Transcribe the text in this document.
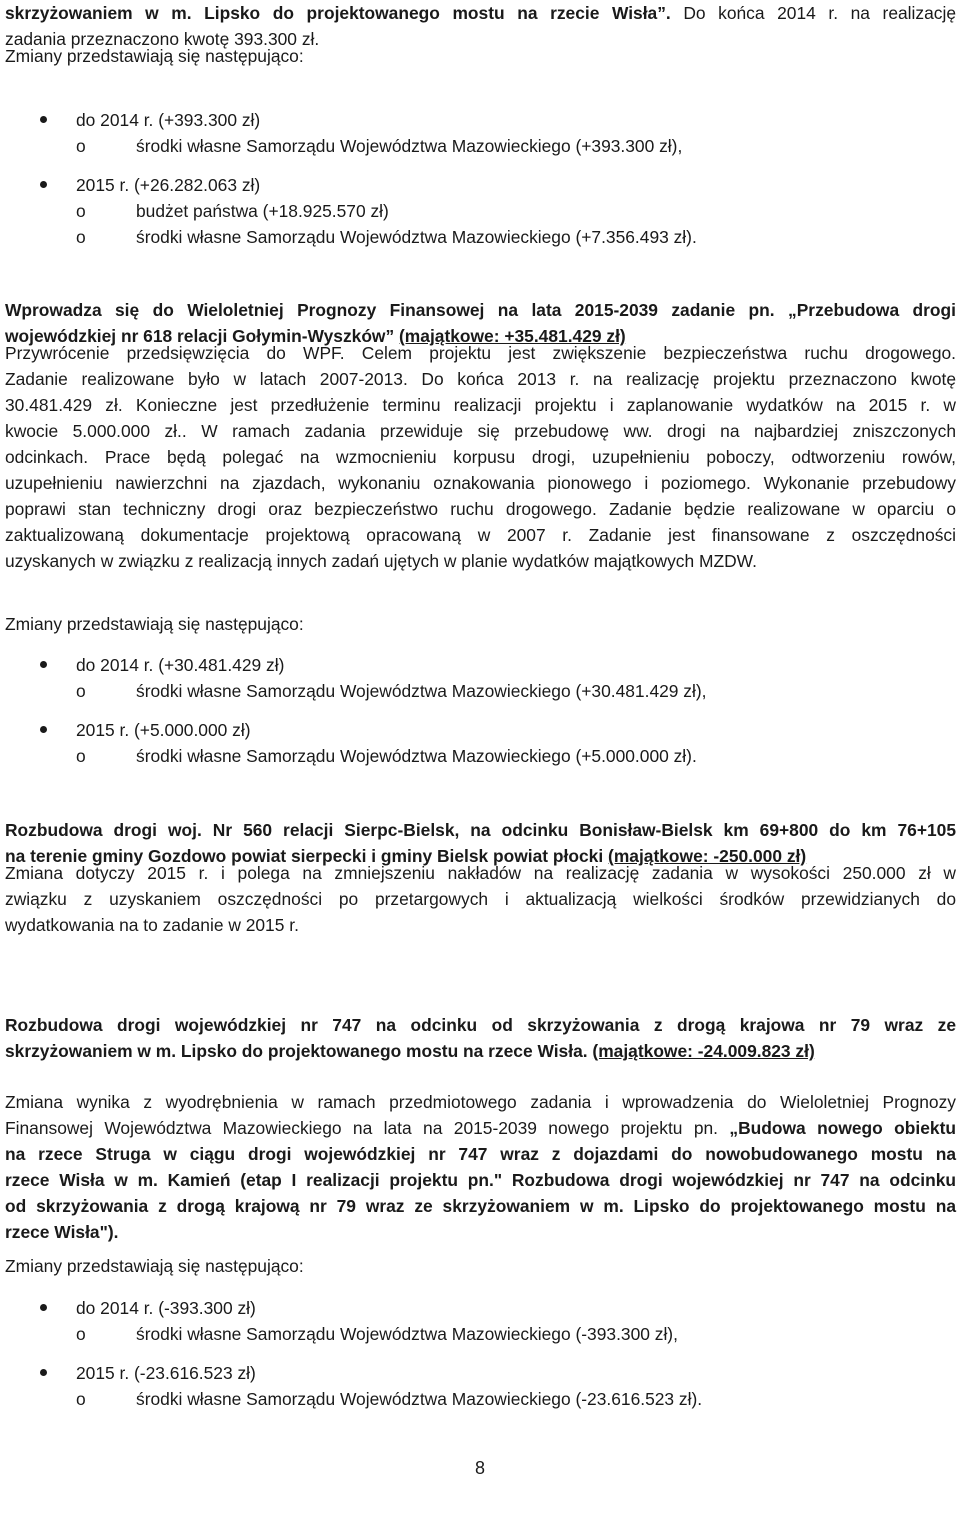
skrzyżowaniem w m. Lipsko do projektowanego mostu na rzecie Wisła”. Do końca 2014 r. na realizację

zadania przeznaczono kwotę 393.300 zł.

Zmiany przedstawiają się następująco:
do 2014 r. (+393.300 zł)
o	środki własne Samorządu Województwa Mazowieckiego (+393.300 zł),
2015 r. (+26.282.063 zł)
o	budżet państwa (+18.925.570 zł)
o	środki własne Samorządu Województwa Mazowieckiego (+7.356.493 zł).

Wprowadza się do Wieloletniej Prognozy Finansowej na lata 2015-2039 zadanie pn. „Przebudowa drogi

wojewódzkiej nr 618 relacji Gołymin-Wyszków” (majątkowe: +35.481.429 zł)

Przywrócenie przedsięwzięcia do WPF. Celem projektu jest zwiększenie bezpieczeństwa ruchu drogowego.

Zadanie realizowane było w latach 2007-2013. Do końca 2013 r. na realizację projektu przeznaczono kwotę

30.481.429 zł. Konieczne jest przedłużenie terminu realizacji projektu i zaplanowanie wydatków na 2015 r. w

kwocie 5.000.000 zł.. W ramach zadania przewiduje się przebudowę ww. drogi na najbardziej zniszczonych

odcinkach. Prace będą polegać na wzmocnieniu korpusu drogi, uzupełnieniu poboczy, odtworzeniu rowów,

uzupełnieniu nawierzchni na zjazdach, wykonaniu oznakowania pionowego i poziomego. Wykonanie przebudowy

poprawi stan techniczny drogi oraz bezpieczeństwo ruchu drogowego. Zadanie będzie realizowane w oparciu o

zaktualizowaną dokumentacje projektową opracowaną w 2007 r. Zadanie jest finansowane z oszczędności

uzyskanych w związku z realizacją innych zadań ujętych w planie wydatków majątkowych MZDW.

Zmiany przedstawiają się następująco:
do 2014 r. (+30.481.429 zł)
o	środki własne Samorządu Województwa Mazowieckiego (+30.481.429 zł),
2015 r. (+5.000.000 zł)
o	środki własne Samorządu Województwa Mazowieckiego (+5.000.000 zł).

Rozbudowa drogi woj. Nr 560 relacji Sierpc-Bielsk, na odcinku Bonisław-Bielsk km 69+800 do km 76+105

na terenie gminy Gozdowo powiat sierpecki i gminy Bielsk powiat płocki (majątkowe: -250.000 zł)

Zmiana dotyczy 2015 r. i polega na zmniejszeniu nakładów na realizację zadania w wysokości 250.000 zł w

związku z uzyskaniem oszczędności po przetargowych i aktualizacją wielkości środków przewidzianych do

wydatkowania na to zadanie w 2015 r.

Rozbudowa drogi wojewódzkiej nr 747 na odcinku od skrzyżowania z drogą krajowa nr 79 wraz ze

skrzyżowaniem w m. Lipsko do projektowanego mostu na rzece Wisła. (majątkowe: -24.009.823 zł)

Zmiana wynika z wyodrębnienia w ramach przedmiotowego zadania i wprowadzenia do Wieloletniej Prognozy

Finansowej Województwa Mazowieckiego na lata na 2015-2039 nowego projektu pn. „Budowa nowego obiektu

na rzece Struga w ciągu drogi wojewódzkiej nr 747 wraz z dojazdami do nowobudowanego mostu na

rzece Wisła w m. Kamień (etap I realizacji projektu pn." Rozbudowa drogi wojewódzkiej nr 747 na odcinku

od skrzyżowania z drogą krajową nr 79 wraz ze skrzyżowaniem w m. Lipsko do projektowanego mostu na

rzece Wisła").

Zmiany przedstawiają się następująco:
do 2014 r. (-393.300 zł)
o	środki własne Samorządu Województwa Mazowieckiego (-393.300 zł),
2015 r. (-23.616.523 zł)
o	środki własne Samorządu Województwa Mazowieckiego (-23.616.523 zł).
8
